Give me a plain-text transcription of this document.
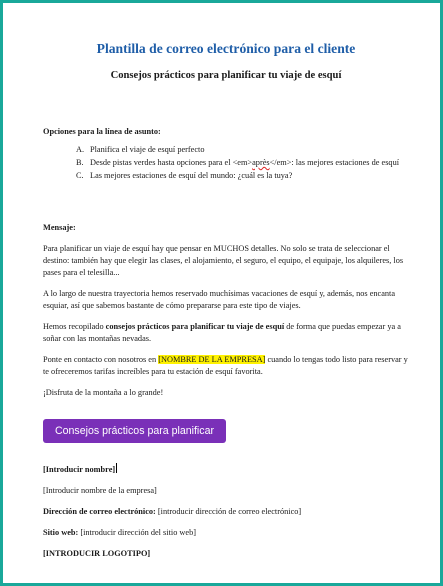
Plantilla de correo electrónico para el cliente
Consejos prácticos para planificar tu viaje de esquí
Opciones para la línea de asunto:
A. Planifica el viaje de esquí perfecto
B. Desde pistas verdes hasta opciones para el <em>après</em>: las mejores estaciones de esquí
C. Las mejores estaciones de esquí del mundo: ¿cuál es la tuya?
Mensaje:

Para planificar un viaje de esquí hay que pensar en MUCHOS detalles. No solo se trata de seleccionar el destino: también hay que elegir las clases, el alojamiento, el seguro, el equipo, el equipaje, los alquileres, los pases para el telesilla...

A lo largo de nuestra trayectoria hemos reservado muchísimas vacaciones de esquí y, además, nos encanta esquiar, así que sabemos bastante de cómo prepararse para este tipo de viajes.

Hemos recopilado consejos prácticos para planificar tu viaje de esquí de forma que puedas empezar ya a soñar con las montañas nevadas.

Ponte en contacto con nosotros en [NOMBRE DE LA EMPRESA] cuando lo tengas todo listo para reservar y te ofreceremos tarifas increíbles para tu estación de esquí favorita.

¡Disfruta de la montaña a lo grande!

Consejos prácticos para planificar

[Introducir nombre]

[Introducir nombre de la empresa]

Dirección de correo electrónico: [introducir dirección de correo electrónico]

Sitio web: [introducir dirección del sitio web]

[INTRODUCIR LOGOTIPO]
